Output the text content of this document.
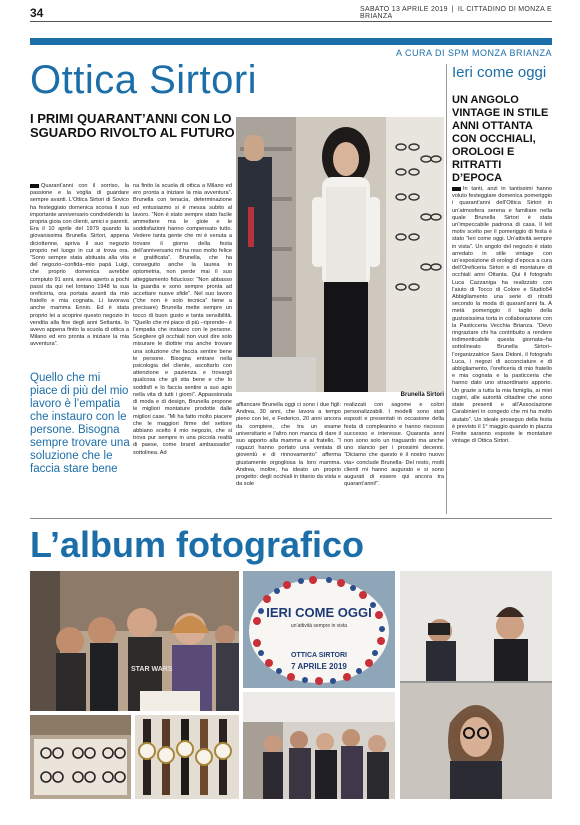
34	SABATO 13 APRILE 2019 | IL CITTADINO DI MONZA E BRIANZA
A CURA DI SPM MONZA BRIANZA
Ottica Sirtori
I PRIMI QUARANT’ANNI CON LO SGUARDO RIVOLTO AL FUTURO
Quarant’anni con il sorriso, la passione e la voglia di guardare sempre avanti. L’Ottica Sirtori di Sovico ha festeggiato domenica scorsa il suo importante anniversario condividendo la propria gioia con clienti, amici e parenti. Era il 10 aprile del 1979 quando la giovanissima Brunella Sirtori, appena diciottenne, apriva il suo negozio proprio nel luogo in cui si trova ora. “Sono sempre stata abituata alla vita del negozio–confida–mio papà Luigi, che proprio domenica avrebbe compiuto 91 anni, aveva aperto a pochi passi da qui nel lontano 1948 la sua oreficeria, ora portata avanti da mio fratello e mia cognata. Li lavorava anche mamma Ennio. Ed è stata proprio lei a scoprire questo negozio in vendita alla fine degli anni Settanta. Io avevo appena finito la scuola di ottica a Milano ed ero pronta a iniziare la mia avventura”.
na finito la scuola di ottica a Milano ed ero pronta a iniziare la mia avventura”. Brunella con tenacia, determinazione ed entusiasmo si è messa subito al lavoro. “Non è stato sempre stato facile ammettere ma le gioie e le soddisfazioni hanno compensato tutto. Vedere tanta gente che mi è venuta a trovare il giorno della festa dell’anniversario mi ha reso molto felice e gratificata”. Brunella, che ha conseguito anche la laurea in optometria, non perde mai il suo atteggiamento fiducioso: “Non abbasso la guardia e sono sempre pronta ad accettare nuove sfide”. Nel suo lavoro (“che non è solo tecnica” tiene a precisare) Brunella mette sempre un tocco di buon gusto e tanta sensibilità. “Quello che mi piace di più –riprende– è l’empatia che instauro con le persone. Scegliere gli occhiali non vuol dire solo misurare le diottrie ma anche trovare una soluzione che faccia sentire bene le persone. Bisogna entrare nella psicologia del cliente, ascoltarlo con attenzione e pazienza e trovargli qualcosa che gli stia bene e che lo soddisfi e lo faccia sentire a suo agio nella vita di tutti i giorni”. Appassionata di moda e di design, Brunella propone le migliori montature prodotte dalle migliori case. “Mi ha fatto molto piacere che le maggiori firme del settore abbiano scelto il mio negozio, che si trova pur sempre in una piccola realtà di paese, come brand ambassador” sottolinea. Ad
Quello che mi piace di più del mio lavoro è l’empatia che instauro con le persone. Bisogna sempre trovare una soluzione che le faccia stare bene
Brunella Sirtori
affiancare Brunella oggi ci sono i due figli: Andrea, 30 anni, che lavora a tempo pieno con lei, e Federico, 20 anni ancora da compiere, che tra un esame universitario e l’altro non manca di dare il suo apporto alla mamma e al fratello. “I ragazzi hanno portato una ventata di gioventù e di rinnovamento” afferma giustamente orgogliosa la loro mamma. Andrea, inoltre, ha ideato un proprio progetto: degli occhiali in titanio da vista e da sole
realizzati con sagome e colori personalizzabili. I modelli sono stati esposti e presentati in occasione della festa di compleanno e hanno riscosso successo e interesse. Quaranta anni non sono solo un traguardo ma anche uno slancio per i prossimi decenni. “Diciamo che questo è il nostro nuovo via» conclude Brunella- Del resto, molti clienti mi hanno augurato e si sono augurati di essere qui ancora tra quarant’anni!”.
Ieri come oggi
UN ANGOLO VINTAGE IN STILE ANNI OTTANTA CON OCCHIALI, OROLOGI E RITRATTI D’EPOCA
In tanti, anzi in tantissimi hanno voluto festeggiare domenica pomeriggio i quarant’anni dell’Ottica Sirtori in un’atmosfera serena e familiare nella quale Brunella Sirtori è stata un’impeccabile padrona di casa. Il leit motiv scelto per il pomeriggio di festa è stato “Ieri come oggi. Un’attività sempre in vista”. Un angolo del negozio è stato arredato in stile vintage con un’esposizione di orologi d’epoca a cura dell’Oreficeria Sirtori e di montature di occhiali anni Ottanta. Qui il fotografo Luca Cazzaniga ha realizzato con l’aiuto di Tocco di Colore e Studio54 Abbigliamento una serie di ritratti secondo la moda di quarant’anni fa. A metà pomeriggio il taglio della gustosissima torta in collaborazione con la Pasticceria Vecchia Brianza. “Devo ringraziare chi ha contribuito a rendere indimenticabile questa giornata–ha sottolineato Brunella Sirtori– l’organizzatrice Sara Didoni, il fotografo Luca, i negozi di acconciature e di abbigliamento, l’oreficeria di mio fratello e mia cognata e la pasticceria che hanno dato uno straordinario apporto. Un grazie a tutta la mia famiglia, ai miei cugini, alle autorità cittadine che sono state presenti e all’Associazione Carabinieri in congedo che mi ha molto aiutato”. Un ideale proseguo della festa è previsto il 1° maggio quando in piazza Frette saranno esposte le montature vintage di Ottica Sirtori.
L’album fotografico
STAR WARS
IERI COME OGGI
un’attività sempre in vista
OTTICA SIRTORI
7 APRILE 2019
